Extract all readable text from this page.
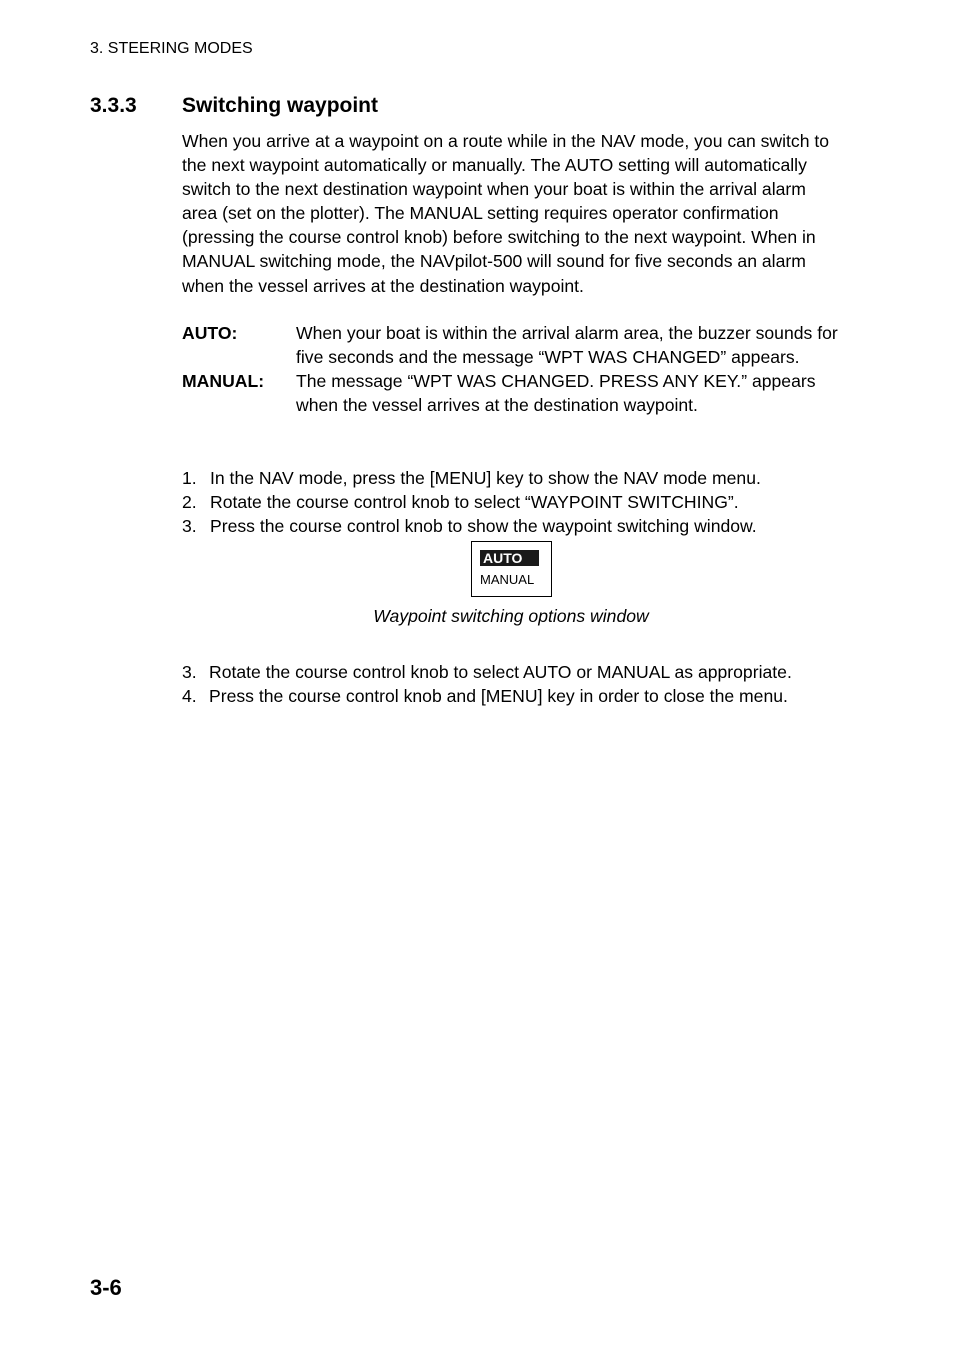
3. STEERING MODES
3.3.3 Switching waypoint
When you arrive at a waypoint on a route while in the NAV mode, you can switch to the next waypoint automatically or manually. The AUTO setting will automatically switch to the next destination waypoint when your boat is within the arrival alarm area (set on the plotter). The MANUAL setting requires operator confirmation (pressing the course control knob) before switching to the next waypoint. When in MANUAL switching mode, the NAVpilot-500 will sound for five seconds an alarm when the vessel arrives at the destination waypoint.
AUTO:	When your boat is within the arrival alarm area, the buzzer sounds for five seconds and the message “WPT WAS CHANGED” appears.
MANUAL:	The message “WPT WAS CHANGED. PRESS ANY KEY.” appears when the vessel arrives at the destination waypoint.
1. In the NAV mode, press the [MENU] key to show the NAV mode menu.
2. Rotate the course control knob to select “WAYPOINT SWITCHING”.
3. Press the course control knob to show the waypoint switching window.
AUTO
MANUAL
Waypoint switching options window
3. Rotate the course control knob to select AUTO or MANUAL as appropriate.
4. Press the course control knob and [MENU] key in order to close the menu.
3-6
